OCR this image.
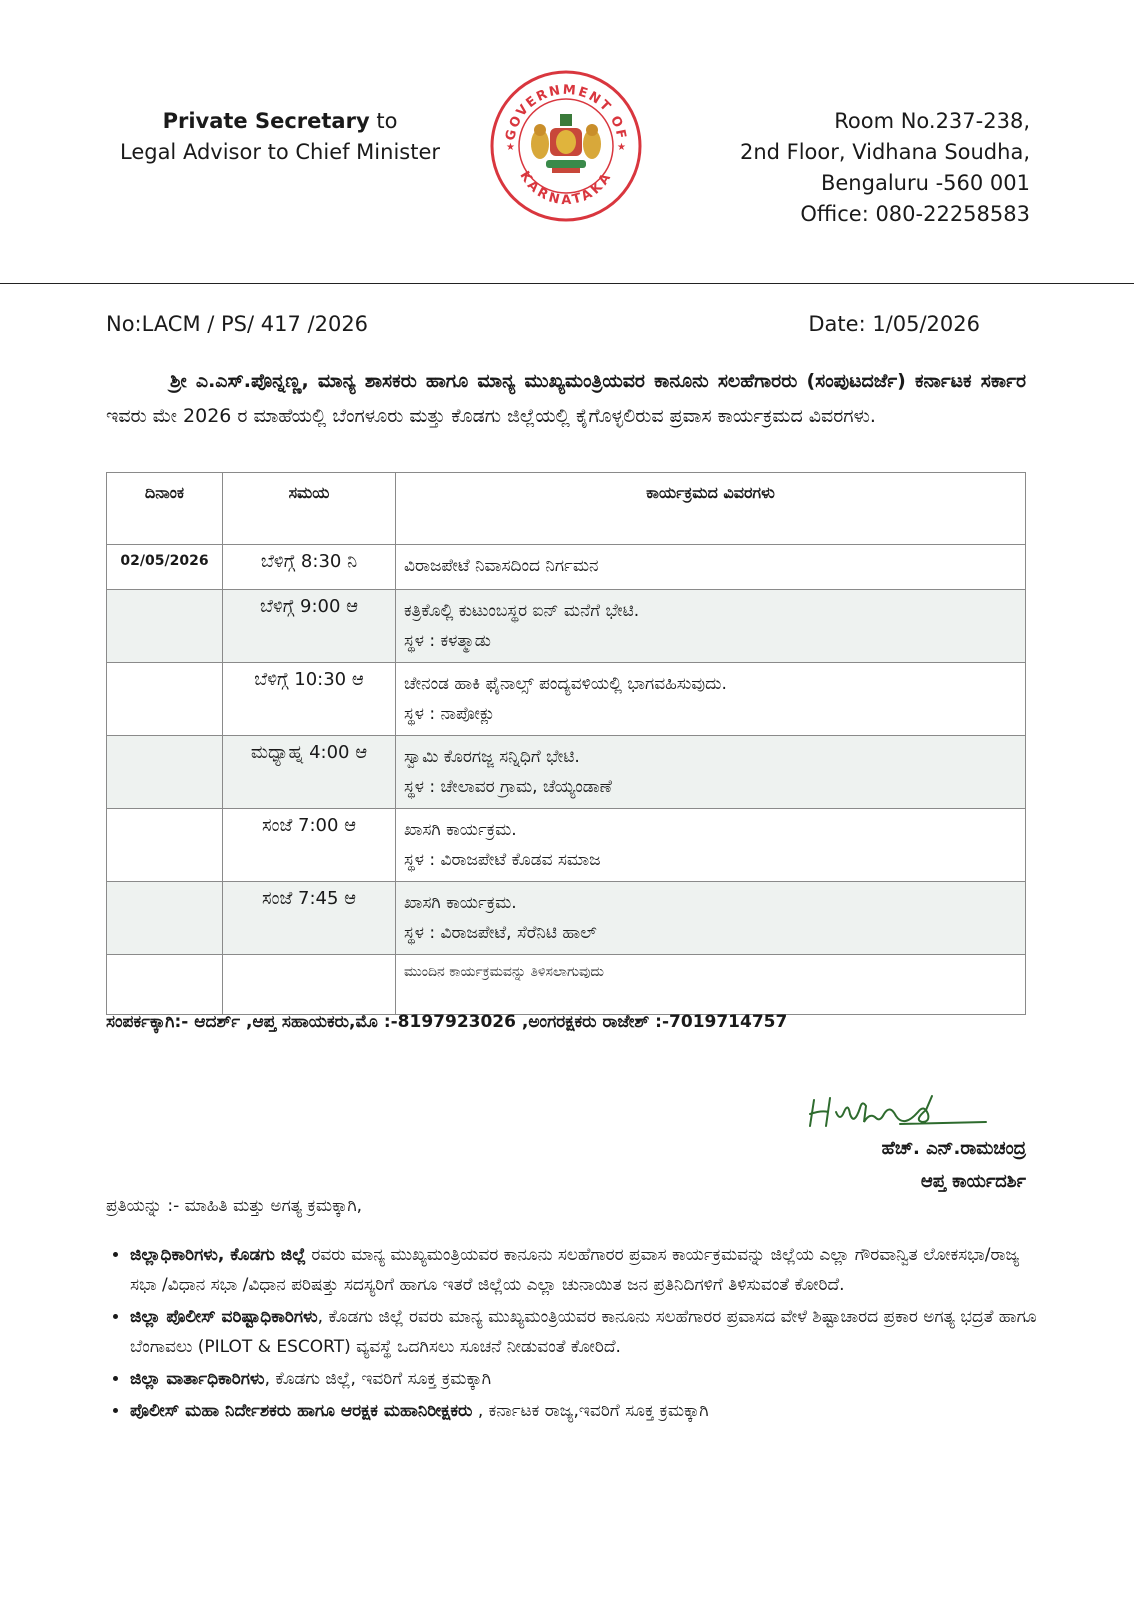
Private Secretary to
Legal Advisor to Chief Minister
GOVERNMENT OF
KARNATAKA
★	★
Room No.237-238,
2nd Floor, Vidhana Soudha,
Bengaluru -560 001
Office: 080-22258583
No:LACM / PS/ 417 /2026	Date: 1/05/2026
ಶ್ರೀ ಎ.ಎಸ್.ಪೊನ್ನಣ್ಣ, ಮಾನ್ಯ ಶಾಸಕರು ಹಾಗೂ ಮಾನ್ಯ ಮುಖ್ಯಮಂತ್ರಿಯವರ ಕಾನೂನು ಸಲಹೆಗಾರರು (ಸಂಪುಟದರ್ಜೆ) ಕರ್ನಾಟಕ ಸರ್ಕಾರ ಇವರು ಮೇ 2026 ರ ಮಾಹೆಯಲ್ಲಿ ಬೆಂಗಳೂರು ಮತ್ತು ಕೊಡಗು ಜಿಲ್ಲೆಯಲ್ಲಿ ಕೈಗೊಳ್ಳಲಿರುವ ಪ್ರವಾಸ ಕಾರ್ಯಕ್ರಮದ ವಿವರಗಳು.
ದಿನಾಂಕ	ಸಮಯ	ಕಾರ್ಯಕ್ರಮದ ವಿವರಗಳು
02/05/2026	ಬೆಳಿಗ್ಗೆ 8:30 ನಿ	ವಿರಾಜಪೇಟೆ ನಿವಾಸದಿಂದ ನಿರ್ಗಮನ

	ಬೆಳಿಗ್ಗೆ 9:00 ಆ	ಕತ್ರಿಕೊಲ್ಲಿ ಕುಟುಂಬಸ್ಥರ ಐನ್ ಮನೆಗೆ ಭೇಟಿ.
ಸ್ಥಳ : ಕಳತ್ಮಾಡು

	ಬೆಳಿಗ್ಗೆ 10:30 ಆ	ಚೇನಂಡ ಹಾಕಿ ಫೈನಾಲ್ಸ್ ಪಂದ್ಯವಳಿಯಲ್ಲಿ ಭಾಗವಹಿಸುವುದು.
ಸ್ಥಳ : ನಾಪೋಕ್ಲು

	ಮಧ್ಯಾಹ್ನ 4:00 ಆ	ಸ್ವಾಮಿ ಕೊರಗಜ್ಜ ಸನ್ನಿಧಿಗೆ ಭೇಟಿ.
ಸ್ಥಳ : ಚೇಲಾವರ ಗ್ರಾಮ, ಚೆಯ್ಯಂಡಾಣೆ

	ಸಂಜೆ 7:00 ಆ	ಖಾಸಗಿ ಕಾರ್ಯಕ್ರಮ.
ಸ್ಥಳ : ವಿರಾಜಪೇಟೆ ಕೊಡವ ಸಮಾಜ

	ಸಂಜೆ 7:45 ಆ	ಖಾಸಗಿ ಕಾರ್ಯಕ್ರಮ.
ಸ್ಥಳ : ವಿರಾಜಪೇಟೆ, ಸೆರೆನಿಟಿ ಹಾಲ್

		ಮುಂದಿನ ಕಾರ್ಯಕ್ರಮವನ್ನು ತಿಳಿಸಲಾಗುವುದು
ಸಂಪರ್ಕಕ್ಕಾಗಿ:- ಆದರ್ಶ್ ,ಆಪ್ತ ಸಹಾಯಕರು,ಮೊ :-8197923026 ,ಅಂಗರಕ್ಷಕರು ರಾಜೇಶ್ :-7019714757
ಹೆಚ್. ಎನ್.ರಾಮಚಂದ್ರ
ಆಪ್ತ ಕಾರ್ಯದರ್ಶಿ
ಪ್ರತಿಯನ್ನು :- ಮಾಹಿತಿ ಮತ್ತು ಅಗತ್ಯ ಕ್ರಮಕ್ಕಾಗಿ,
• ಜಿಲ್ಲಾಧಿಕಾರಿಗಳು, ಕೊಡಗು ಜಿಲ್ಲೆ ರವರು ಮಾನ್ಯ ಮುಖ್ಯಮಂತ್ರಿಯವರ ಕಾನೂನು ಸಲಹೆಗಾರರ ಪ್ರವಾಸ ಕಾರ್ಯಕ್ರಮವನ್ನು ಜಿಲ್ಲೆಯ ಎಲ್ಲಾ ಗೌರವಾನ್ವಿತ ಲೋಕಸಭಾ/ರಾಜ್ಯ ಸಭಾ /ವಿಧಾನ ಸಭಾ /ವಿಧಾನ ಪರಿಷತ್ತು ಸದಸ್ಯರಿಗೆ ಹಾಗೂ ಇತರೆ ಜಿಲ್ಲೆಯ ಎಲ್ಲಾ ಚುನಾಯಿತ ಜನ ಪ್ರತಿನಿದಿಗಳಿಗೆ ತಿಳಿಸುವಂತೆ ಕೋರಿದೆ.
• ಜಿಲ್ಲಾ ಪೊಲೀಸ್ ವರಿಷ್ಟಾಧಿಕಾರಿಗಳು, ಕೊಡಗು ಜಿಲ್ಲೆ ರವರು ಮಾನ್ಯ ಮುಖ್ಯಮಂತ್ರಿಯವರ ಕಾನೂನು ಸಲಹೆಗಾರರ ಪ್ರವಾಸದ ವೇಳೆ ಶಿಷ್ಟಾಚಾರದ ಪ್ರಕಾರ ಅಗತ್ಯ ಭದ್ರತೆ ಹಾಗೂ ಬೆಂಗಾವಲು (PILOT & ESCORT) ವ್ಯವಸ್ಥೆ ಒದಗಿಸಲು ಸೂಚನೆ ನೀಡುವಂತೆ ಕೋರಿದೆ.
• ಜಿಲ್ಲಾ ವಾರ್ತಾಧಿಕಾರಿಗಳು, ಕೊಡಗು ಜಿಲ್ಲೆ, ಇವರಿಗೆ ಸೂಕ್ತ ಕ್ರಮಕ್ಕಾಗಿ
• ಪೊಲೀಸ್ ಮಹಾ ನಿರ್ದೇಶಕರು ಹಾಗೂ ಆರಕ್ಷಕ ಮಹಾನಿರೀಕ್ಷಕರು , ಕರ್ನಾಟಕ ರಾಜ್ಯ,ಇವರಿಗೆ ಸೂಕ್ತ ಕ್ರಮಕ್ಕಾಗಿ
